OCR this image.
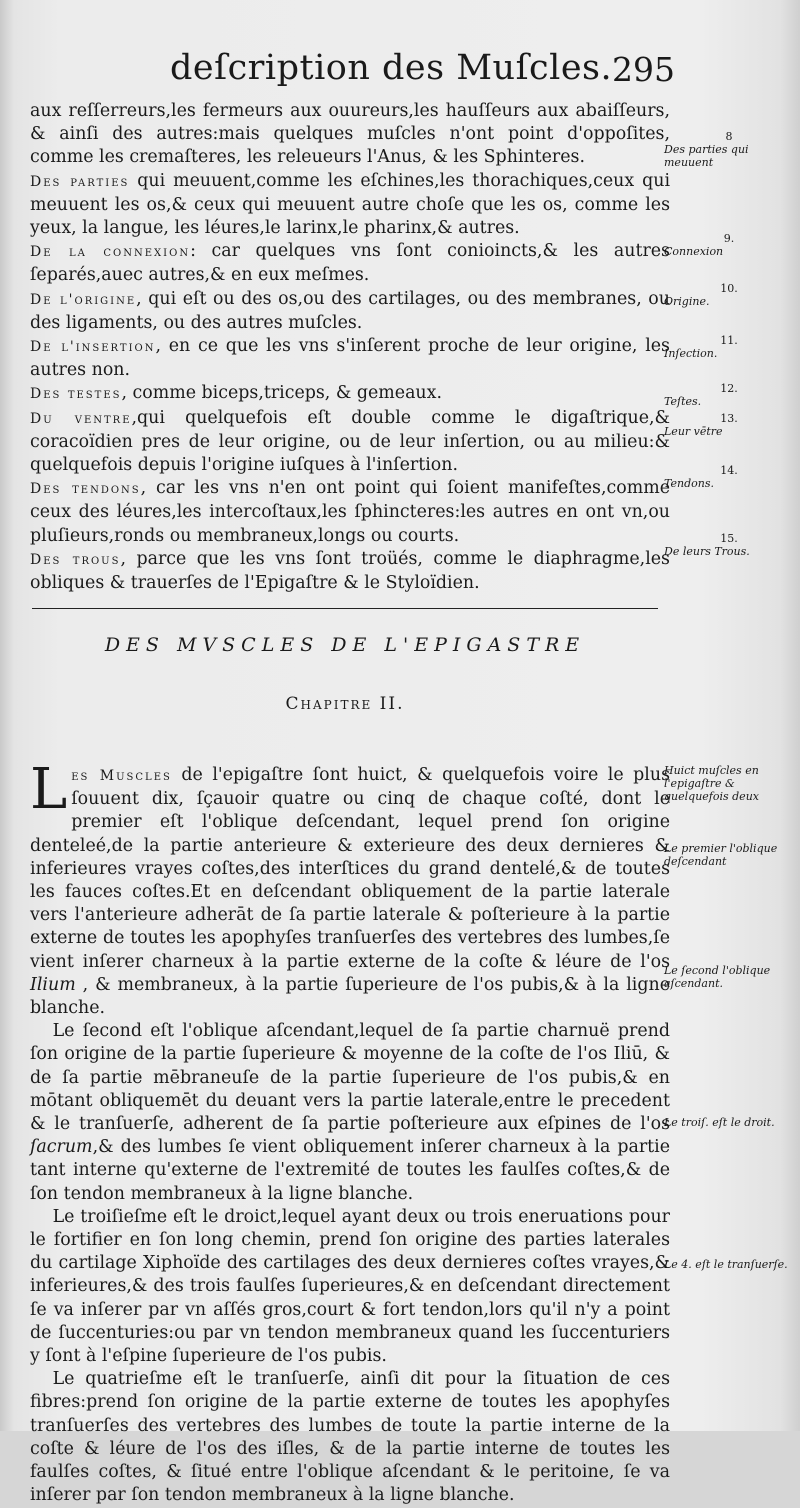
deſcription des Muſcles. 295

aux reſſerreurs,les fermeurs aux ouureurs,les hauſſeurs aux abaiſſeurs, & ainſi des autres:mais quelques muſcles n'ont point d'oppoſites, comme les cremaſteres, les releueurs l'Anus, & les Sphinteres.

Des parties qui meuuent,comme les eſchines,les thorachiques,ceux qui meuuent les os,& ceux qui meuuent autre choſe que les os, comme les yeux, la langue, les léures,le larinx,le pharinx,& autres.

De la connexion: car quelques vns ſont conioincts,& les autres ſeparés,auec autres,& en eux meſmes.

De l'origine, qui eſt ou des os,ou des cartilages, ou des membranes, ou des ligaments, ou des autres muſcles.

De l'insertion, en ce que les vns s'inſerent proche de leur origine, les autres non.

Des testes, comme biceps,triceps, & gemeaux.

Du ventre,qui quelquefois eſt double comme le digaſtrique,& coracoïdien pres de leur origine, ou de leur inſertion, ou au milieu:& quelquefois depuis l'origine iuſques à l'inſertion.

Des tendons, car les vns n'en ont point qui ſoient manifeſtes,comme ceux des léures,les intercoſtaux,les ſphincteres:les autres en ont vn,ou pluſieurs,ronds ou membraneux,longs ou courts.

Des trous, parce que les vns ſont troüés, comme le diaphragme,les obliques & trauerſes de l'Epigaſtre & le Styloïdien.

8
Des parties qui meuuent
9.
Connexion
10.
Origine.
11.
Inſection.
12.
Teſtes.
13.
Leur vētre
14.
Tendons.
15.
De leurs Trous.
DES MVSCLES DE L'EPIGASTRE
Chapitre II.

Les Muscles de l'epigaſtre ſont huict, & quelquefois voire le plus ſouuent dix, ſçauoir quatre ou cinq de chaque coſté, dont le premier eſt l'oblique deſcendant, lequel prend ſon origine denteleé,de la partie anterieure & exterieure des deux dernieres & inferieures vrayes coſtes,des interſtices du grand dentelé,& de toutes les fauces coſtes.Et en deſcendant obliquement de la partie laterale vers l'anterieure adherāt de ſa partie laterale & poſterieure à la partie externe de toutes les apophyſes tranſuerſes des vertebres des lumbes,ſe vient inſerer charneux à la partie externe de la coſte & léure de l'os Ilium , & membraneux, à la partie ſuperieure de l'os pubis,& à la ligne blanche.

Le ſecond eſt l'oblique aſcendant,lequel de ſa partie charnuë prend ſon origine de la partie ſuperieure & moyenne de la coſte de l'os Iliū, & de ſa partie mēbraneuſe de la partie ſuperieure de l'os pubis,& en mōtant obliquemēt du deuant vers la partie laterale,entre le precedent & le tranſuerſe, adherent de ſa partie poſterieure aux eſpines de l'os ſacrum,& des lumbes ſe vient obliquement inſerer charneux à la partie tant interne qu'externe de l'extremité de toutes les faulſes coſtes,& de ſon tendon membraneux à la ligne blanche.

Le troiſieſme eſt le droict,lequel ayant deux ou trois eneruations pour le fortifier en ſon long chemin, prend ſon origine des parties laterales du cartilage Xiphoïde des cartilages des deux dernieres coſtes vrayes,& inferieures,& des trois faulſes ſuperieures,& en deſcendant directement ſe va inſerer par vn aſſés gros,court & fort tendon,lors qu'il n'y a point de ſuccenturies:ou par vn tendon membraneux quand les ſuccenturiers y ſont à l'eſpine ſuperieure de l'os pubis.

Le quatrieſme eſt le tranſuerſe, ainſi dit pour la ſituation de ces fibres:prend ſon origine de la partie externe de toutes les apophyſes tranſuerſes des vertebres des lumbes de toute la partie interne de la coſte & léure de l'os des iſles, & de la partie interne de toutes les faulſes coſtes, & ſitué entre l'oblique aſcendant & le peritoine, ſe va inſerer par ſon tendon membraneux à la ligne blanche.

Huict muſcles en l'epigaſtre & quelquefois deux
Le premier l'oblique deſcendant
Le ſecond l'oblique aſcendant.
Le troiſ. eſt le droit.
Le 4. eſt le tranſuerſe.
